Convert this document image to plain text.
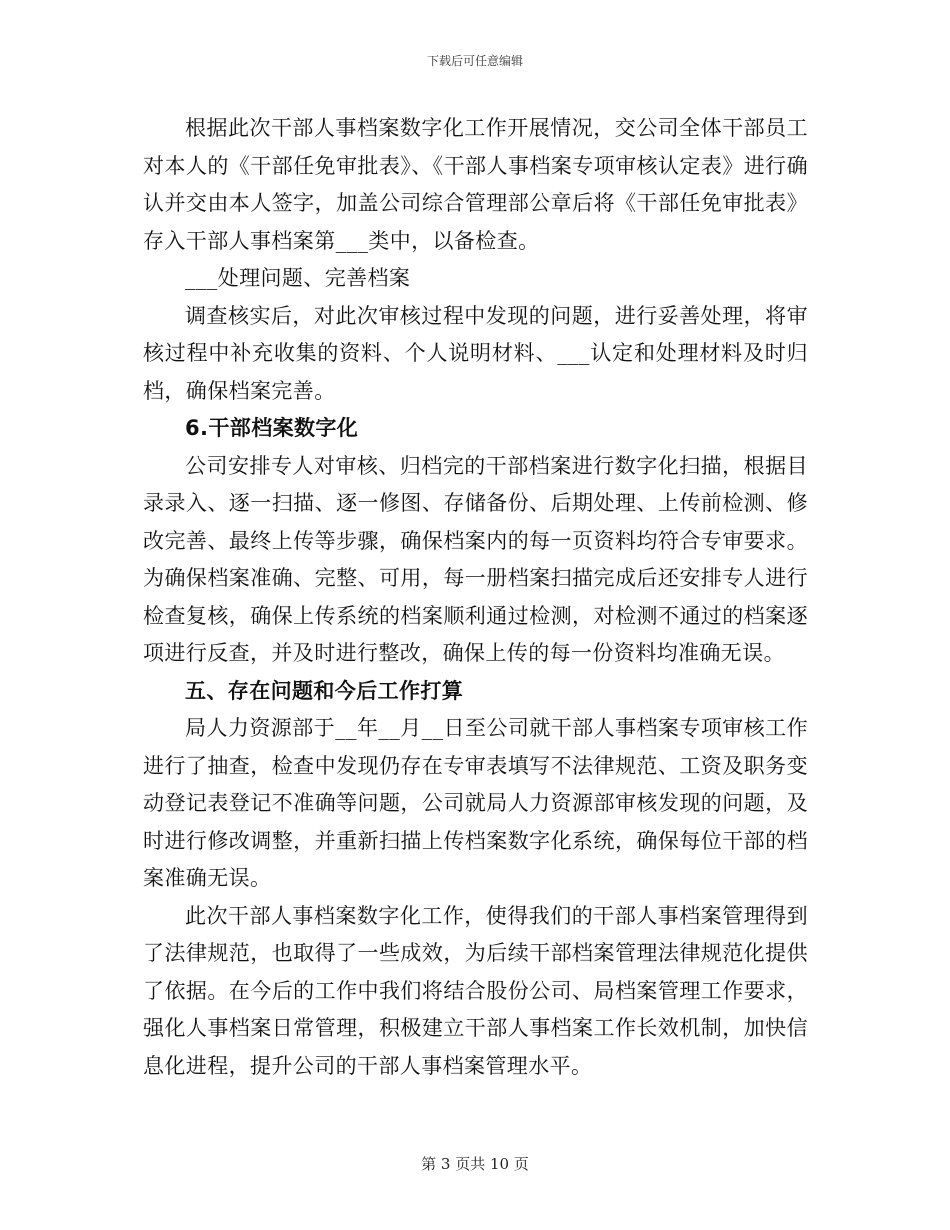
下载后可任意编辑

根据此次干部人事档案数字化工作开展情况，交公司全体干部员工对本人的《干部任免审批表》、《干部人事档案专项审核认定表》进行确认并交由本人签字，加盖公司综合管理部公章后将《干部任免审批表》存入干部人事档案第___类中，以备检查。

___处理问题、完善档案

调查核实后，对此次审核过程中发现的问题，进行妥善处理，将审核过程中补充收集的资料、个人说明材料、___认定和处理材料及时归档，确保档案完善。

6.干部档案数字化

公司安排专人对审核、归档完的干部档案进行数字化扫描，根据目录录入、逐一扫描、逐一修图、存储备份、后期处理、上传前检测、修改完善、最终上传等步骤，确保档案内的每一页资料均符合专审要求。为确保档案准确、完整、可用，每一册档案扫描完成后还安排专人进行检查复核，确保上传系统的档案顺利通过检测，对检测不通过的档案逐项进行反查，并及时进行整改，确保上传的每一份资料均准确无误。

五、存在问题和今后工作打算

局人力资源部于__年__月__日至公司就干部人事档案专项审核工作进行了抽查，检查中发现仍存在专审表填写不法律规范、工资及职务变动登记表登记不准确等问题，公司就局人力资源部审核发现的问题，及时进行修改调整，并重新扫描上传档案数字化系统，确保每位干部的档案准确无误。

此次干部人事档案数字化工作，使得我们的干部人事档案管理得到了法律规范，也取得了一些成效，为后续干部档案管理法律规范化提供了依据。在今后的工作中我们将结合股份公司、局档案管理工作要求，强化人事档案日常管理，积极建立干部人事档案工作长效机制，加快信息化进程，提升公司的干部人事档案管理水平。

第 3 页共 10 页
